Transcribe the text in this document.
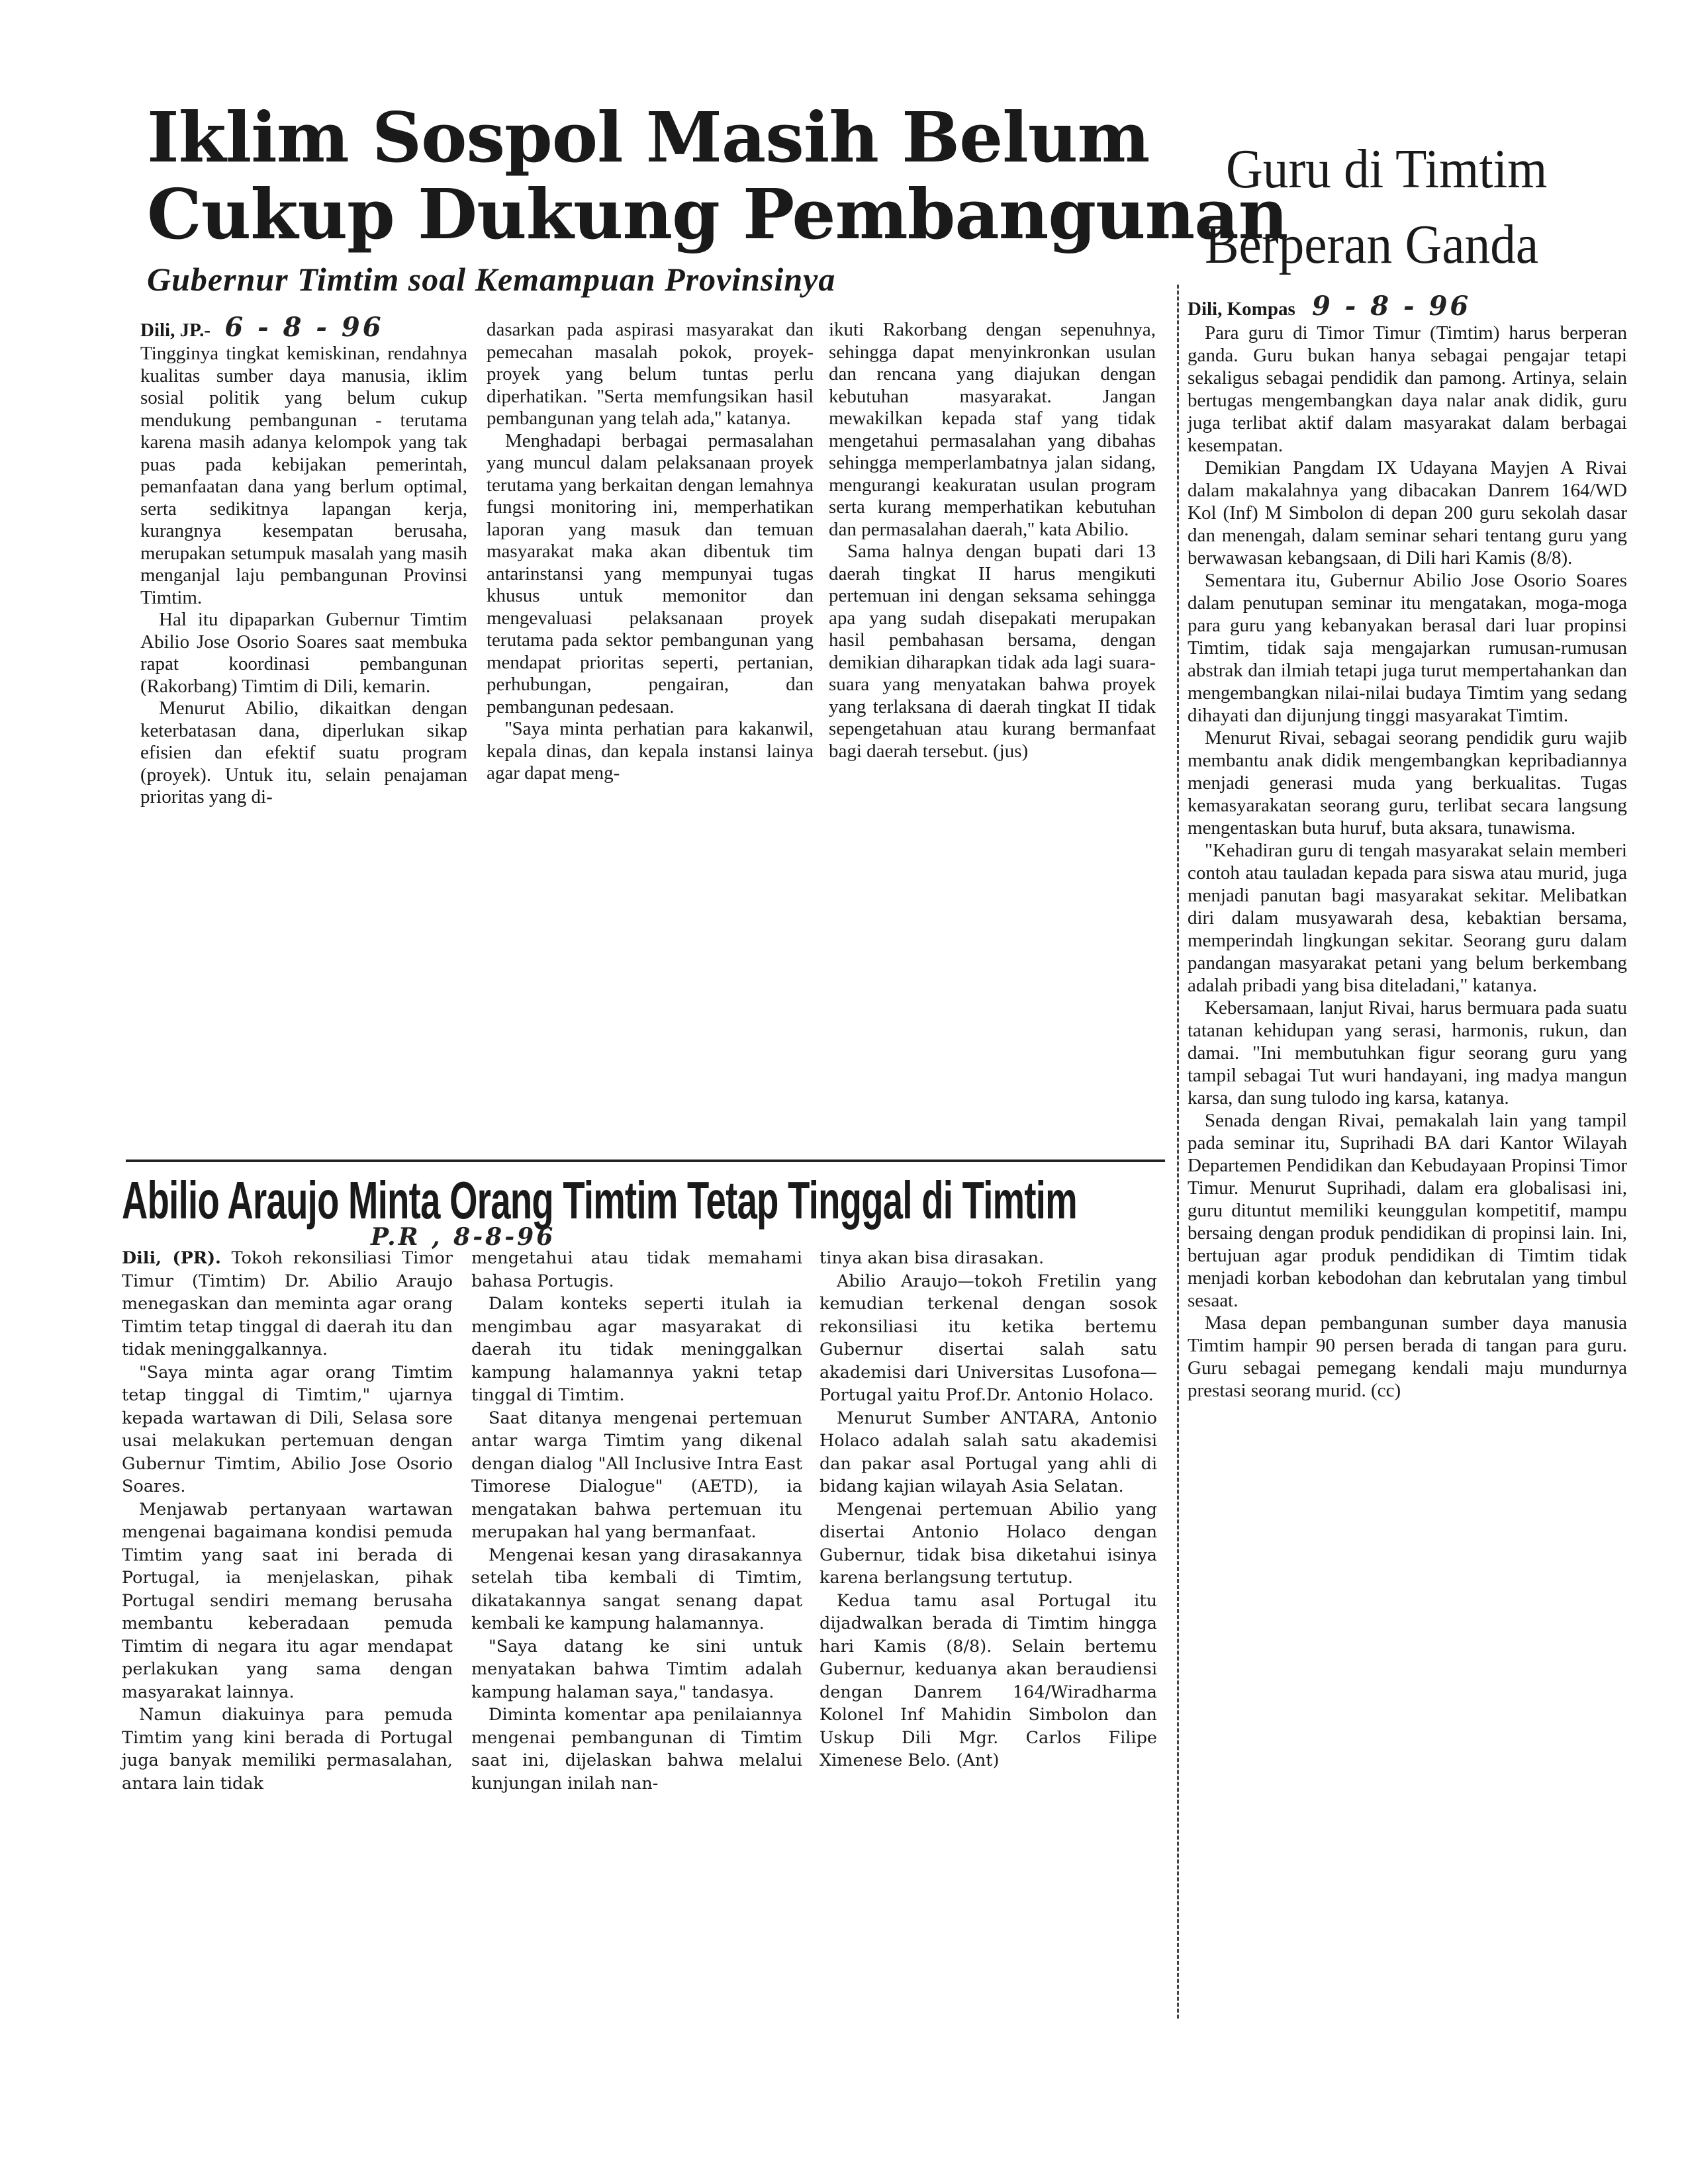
Iklim Sospol Masih Belum
Cukup Dukung Pembangunan
Gubernur Timtim soal Kemampuan Provinsinya
Dili, JP.- 6 - 8 - 96

Tingginya tingkat kemiskinan, rendahnya kualitas sumber daya manusia, iklim sosial politik yang belum cukup mendukung pembangunan - terutama karena masih adanya kelompok yang tak puas pada kebijakan pemerintah, pemanfaatan dana yang berlum optimal, serta sedikitnya lapangan kerja, kurangnya kesempatan berusaha, merupakan setumpuk masalah yang masih menganjal laju pembangunan Provinsi Timtim.

Hal itu dipaparkan Gubernur Timtim Abilio Jose Osorio Soares saat membuka rapat koordinasi pembangunan (Rakorbang) Timtim di Dili, kemarin.

Menurut Abilio, dikaitkan dengan keterbatasan dana, diperlukan sikap efisien dan efektif suatu program (proyek). Untuk itu, selain penajaman prioritas yang di-

dasarkan pada aspirasi masyarakat dan pemecahan masalah pokok, proyek-proyek yang belum tuntas perlu diperhatikan. ''Serta memfungsikan hasil pembangunan yang telah ada,'' katanya.

Menghadapi berbagai permasalahan yang muncul dalam pelaksanaan proyek terutama yang berkaitan dengan lemahnya fungsi monitoring ini, memperhatikan laporan yang masuk dan temuan masyarakat maka akan dibentuk tim antarinstansi yang mempunyai tugas khusus untuk memonitor dan mengevaluasi pelaksanaan proyek terutama pada sektor pembangunan yang mendapat prioritas seperti, pertanian, perhubungan, pengairan, dan pembangunan pedesaan.

''Saya minta perhatian para kakanwil, kepala dinas, dan kepala instansi lainya agar dapat meng-

ikuti Rakorbang dengan sepenuhnya, sehingga dapat menyinkronkan usulan dan rencana yang diajukan dengan kebutuhan masyarakat. Jangan mewakilkan kepada staf yang tidak mengetahui permasalahan yang dibahas sehingga memperlambatnya jalan sidang, mengurangi keakuratan usulan program serta kurang memperhatikan kebutuhan dan permasalahan daerah,'' kata Abilio.

Sama halnya dengan bupati dari 13 daerah tingkat II harus mengikuti pertemuan ini dengan seksama sehingga apa yang sudah disepakati merupakan hasil pembahasan bersama, dengan demikian diharapkan tidak ada lagi suara-suara yang menyatakan bahwa proyek yang terlaksana di daerah tingkat II tidak sepengetahuan atau kurang bermanfaat bagi daerah tersebut. (jus)

Abilio Araujo Minta Orang Timtim Tetap Tinggal di Timtim
P.R , 8-8-96

Dili, (PR). Tokoh rekonsiliasi Timor Timur (Timtim) Dr. Abilio Araujo menegaskan dan meminta agar orang Timtim tetap tinggal di daerah itu dan tidak meninggalkannya.

"Saya minta agar orang Timtim tetap tinggal di Timtim," ujarnya kepada wartawan di Dili, Selasa sore usai melakukan pertemuan dengan Gubernur Timtim, Abilio Jose Osorio Soares.

Menjawab pertanyaan wartawan mengenai bagaimana kondisi pemuda Timtim yang saat ini berada di Portugal, ia menjelaskan, pihak Portugal sendiri memang berusaha membantu keberadaan pemuda Timtim di negara itu agar mendapat perlakukan yang sama dengan masyarakat lainnya.

Namun diakuinya para pemuda Timtim yang kini berada di Portugal juga banyak memiliki permasalahan, antara lain tidak

mengetahui atau tidak memahami bahasa Portugis.

Dalam konteks seperti itulah ia mengimbau agar masyarakat di daerah itu tidak meninggalkan kampung halamannya yakni tetap tinggal di Timtim.

Saat ditanya mengenai pertemuan antar warga Timtim yang dikenal dengan dialog "All Inclusive Intra East Timorese Dialogue" (AETD), ia mengatakan bahwa pertemuan itu merupakan hal yang bermanfaat.

Mengenai kesan yang dirasakannya setelah tiba kembali di Timtim, dikatakannya sangat senang dapat kembali ke kampung halamannya.

"Saya datang ke sini untuk menyatakan bahwa Timtim adalah kampung halaman saya," tandasya.

Diminta komentar apa penilaiannya mengenai pembangunan di Timtim saat ini, dijelaskan bahwa melalui kunjungan inilah nan-

tinya akan bisa dirasakan.

Abilio Araujo—tokoh Fretilin yang kemudian terkenal dengan sosok rekonsiliasi itu ketika bertemu Gubernur disertai salah satu akademisi dari Universitas Lusofona—Portugal yaitu Prof.Dr. Antonio Holaco.

Menurut Sumber ANTARA, Antonio Holaco adalah salah satu akademisi dan pakar asal Portugal yang ahli di bidang kajian wilayah Asia Selatan.

Mengenai pertemuan Abilio yang disertai Antonio Holaco dengan Gubernur, tidak bisa diketahui isinya karena berlangsung tertutup.

Kedua tamu asal Portugal itu dijadwalkan berada di Timtim hingga hari Kamis (8/8). Selain bertemu Gubernur, keduanya akan beraudiensi dengan Danrem 164/Wiradharma Kolonel Inf Mahidin Simbolon dan Uskup Dili Mgr. Carlos Filipe Ximenese Belo. (Ant)

Guru di Timtim
Berperan Ganda
Dili, Kompas 9 - 8 - 96

Para guru di Timor Timur (Timtim) harus berperan ganda. Guru bukan hanya sebagai pengajar tetapi sekaligus sebagai pendidik dan pamong. Artinya, selain bertugas mengembangkan daya nalar anak didik, guru juga terlibat aktif dalam masyarakat dalam berbagai kesempatan.

Demikian Pangdam IX Udayana Mayjen A Rivai dalam makalahnya yang dibacakan Danrem 164/WD Kol (Inf) M Simbolon di depan 200 guru sekolah dasar dan menengah, dalam seminar sehari tentang guru yang berwawasan kebangsaan, di Dili hari Kamis (8/8).

Sementara itu, Gubernur Abilio Jose Osorio Soares dalam penutupan seminar itu mengatakan, moga-moga para guru yang kebanyakan berasal dari luar propinsi Timtim, tidak saja mengajarkan rumusan-rumusan abstrak dan ilmiah tetapi juga turut mempertahankan dan mengembangkan nilai-nilai budaya Timtim yang sedang dihayati dan dijunjung tinggi masyarakat Timtim.

Menurut Rivai, sebagai seorang pendidik guru wajib membantu anak didik mengembangkan kepribadiannya menjadi generasi muda yang berkualitas. Tugas kemasyarakatan seorang guru, terlibat secara langsung mengentaskan buta huruf, buta aksara, tunawisma.

"Kehadiran guru di tengah masyarakat selain memberi contoh atau tauladan kepada para siswa atau murid, juga menjadi panutan bagi masyarakat sekitar. Melibatkan diri dalam musyawarah desa, kebaktian bersama, memperindah lingkungan sekitar. Seorang guru dalam pandangan masyarakat petani yang belum berkembang adalah pribadi yang bisa diteladani," katanya.

Kebersamaan, lanjut Rivai, harus bermuara pada suatu tatanan kehidupan yang serasi, harmonis, rukun, dan damai. "Ini membutuhkan figur seorang guru yang tampil sebagai Tut wuri handayani, ing madya mangun karsa, dan sung tulodo ing karsa, katanya.

Senada dengan Rivai, pemakalah lain yang tampil pada seminar itu, Suprihadi BA dari Kantor Wilayah Departemen Pendidikan dan Kebudayaan Propinsi Timor Timur. Menurut Suprihadi, dalam era globalisasi ini, guru dituntut memiliki keunggulan kompetitif, mampu bersaing dengan produk pendidikan di propinsi lain. Ini, bertujuan agar produk pendidikan di Timtim tidak menjadi korban kebodohan dan kebrutalan yang timbul sesaat.

Masa depan pembangunan sumber daya manusia Timtim hampir 90 persen berada di tangan para guru. Guru sebagai pemegang kendali maju mundurnya prestasi seorang murid. (cc)
